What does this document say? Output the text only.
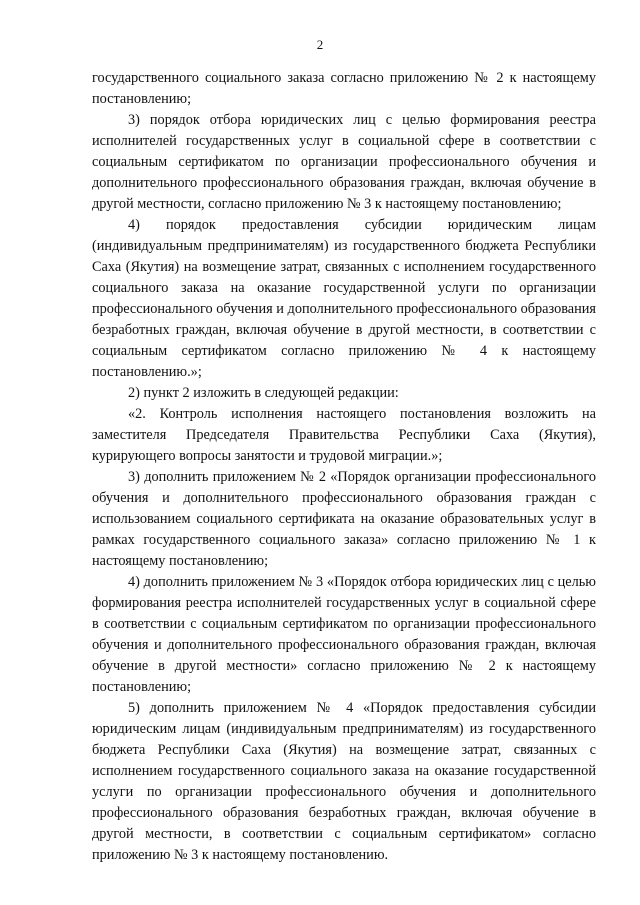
2

государственного социального заказа согласно приложению № 2 к настоящему постановлению;

3) порядок отбора юридических лиц с целью формирования реестра исполнителей государственных услуг в социальной сфере в соответствии с социальным сертификатом по организации профессионального обучения и дополнительного профессионального образования граждан, включая обучение в другой местности, согласно приложению № 3 к настоящему постановлению;

4) порядок предоставления субсидии юридическим лицам (индивидуальным предпринимателям) из государственного бюджета Республики Саха (Якутия) на возмещение затрат, связанных с исполнением государственного социального заказа на оказание государственной услуги по организации профессионального обучения и дополнительного профессионального образования безработных граждан, включая обучение в другой местности, в соответствии с социальным сертификатом согласно приложению № 4 к настоящему постановлению.»;

2) пункт 2 изложить в следующей редакции:

«2. Контроль исполнения настоящего постановления возложить на заместителя Председателя Правительства Республики Саха (Якутия), курирующего вопросы занятости и трудовой миграции.»;

3) дополнить приложением № 2 «Порядок организации профессионального обучения и дополнительного профессионального образования граждан с использованием социального сертификата на оказание образовательных услуг в рамках государственного социального заказа» согласно приложению № 1 к настоящему постановлению;

4) дополнить приложением № 3 «Порядок отбора юридических лиц с целью формирования реестра исполнителей государственных услуг в социальной сфере в соответствии с социальным сертификатом по организации профессионального обучения и дополнительного профессионального образования граждан, включая обучение в другой местности» согласно приложению № 2 к настоящему постановлению;

5) дополнить приложением № 4 «Порядок предоставления субсидии юридическим лицам (индивидуальным предпринимателям) из государственного бюджета Республики Саха (Якутия) на возмещение затрат, связанных с исполнением государственного социального заказа на оказание государственной услуги по организации профессионального обучения и дополнительного профессионального образования безработных граждан, включая обучение в другой местности, в соответствии с социальным сертификатом» согласно приложению № 3 к настоящему постановлению.
